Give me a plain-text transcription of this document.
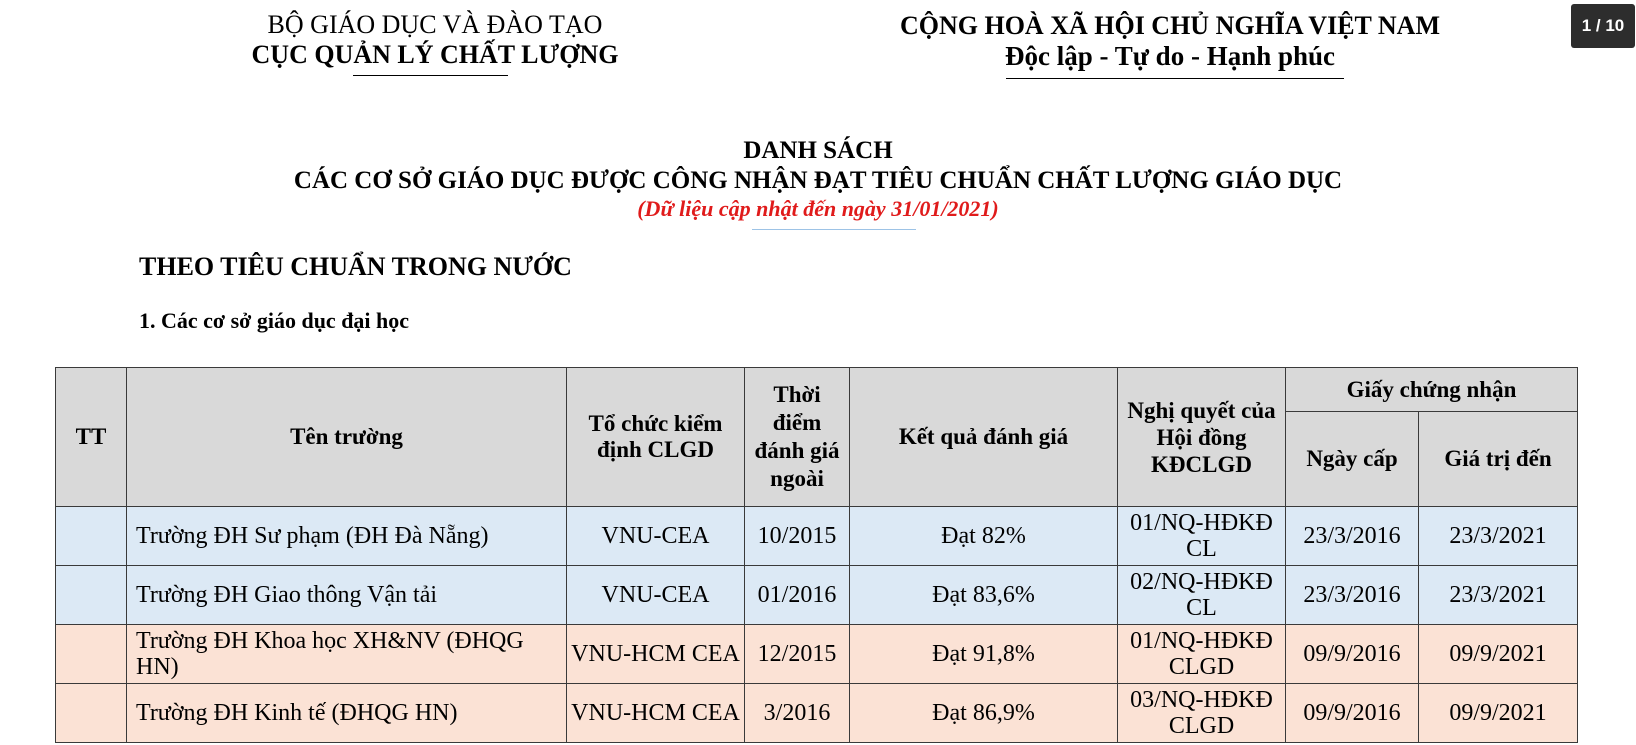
BỘ GIÁO DỤC VÀ ĐÀO TẠO
CỤC QUẢN LÝ CHẤT LƯỢNG
CỘNG HOÀ XÃ HỘI CHỦ NGHĨA VIỆT NAM
Độc lập - Tự do - Hạnh phúc
1 / 10
DANH SÁCH
CÁC CƠ SỞ GIÁO DỤC ĐƯỢC CÔNG NHẬN ĐẠT TIÊU CHUẨN CHẤT LƯỢNG GIÁO DỤC
(Dữ liệu cập nhật đến ngày 31/01/2021)
THEO TIÊU CHUẨN TRONG NƯỚC
1. Các cơ sở giáo dục đại học
TT	Tên trường	Tổ chức kiểm định CLGD	Thời điểm đánh giá ngoài	Kết quả đánh giá	Nghị quyết của Hội đồng KĐCLGD	Giấy chứng nhận	
						Ngày cấp	Giá trị đến
	Trường ĐH Sư phạm (ĐH Đà Nẵng)	VNU-CEA	10/2015	Đạt 82%	01/NQ-HĐKĐ CL	23/3/2016	23/3/2021
	Trường ĐH Giao thông Vận tải	VNU-CEA	01/2016	Đạt 83,6%	02/NQ-HĐKĐ CL	23/3/2016	23/3/2021
	Trường ĐH Khoa học XH&NV (ĐHQG HN)	VNU-HCM CEA	12/2015	Đạt 91,8%	01/NQ-HĐKĐ CLGD	09/9/2016	09/9/2021
	Trường ĐH Kinh tế (ĐHQG HN)	VNU-HCM CEA	3/2016	Đạt 86,9%	03/NQ-HĐKĐ CLGD	09/9/2016	09/9/2021
